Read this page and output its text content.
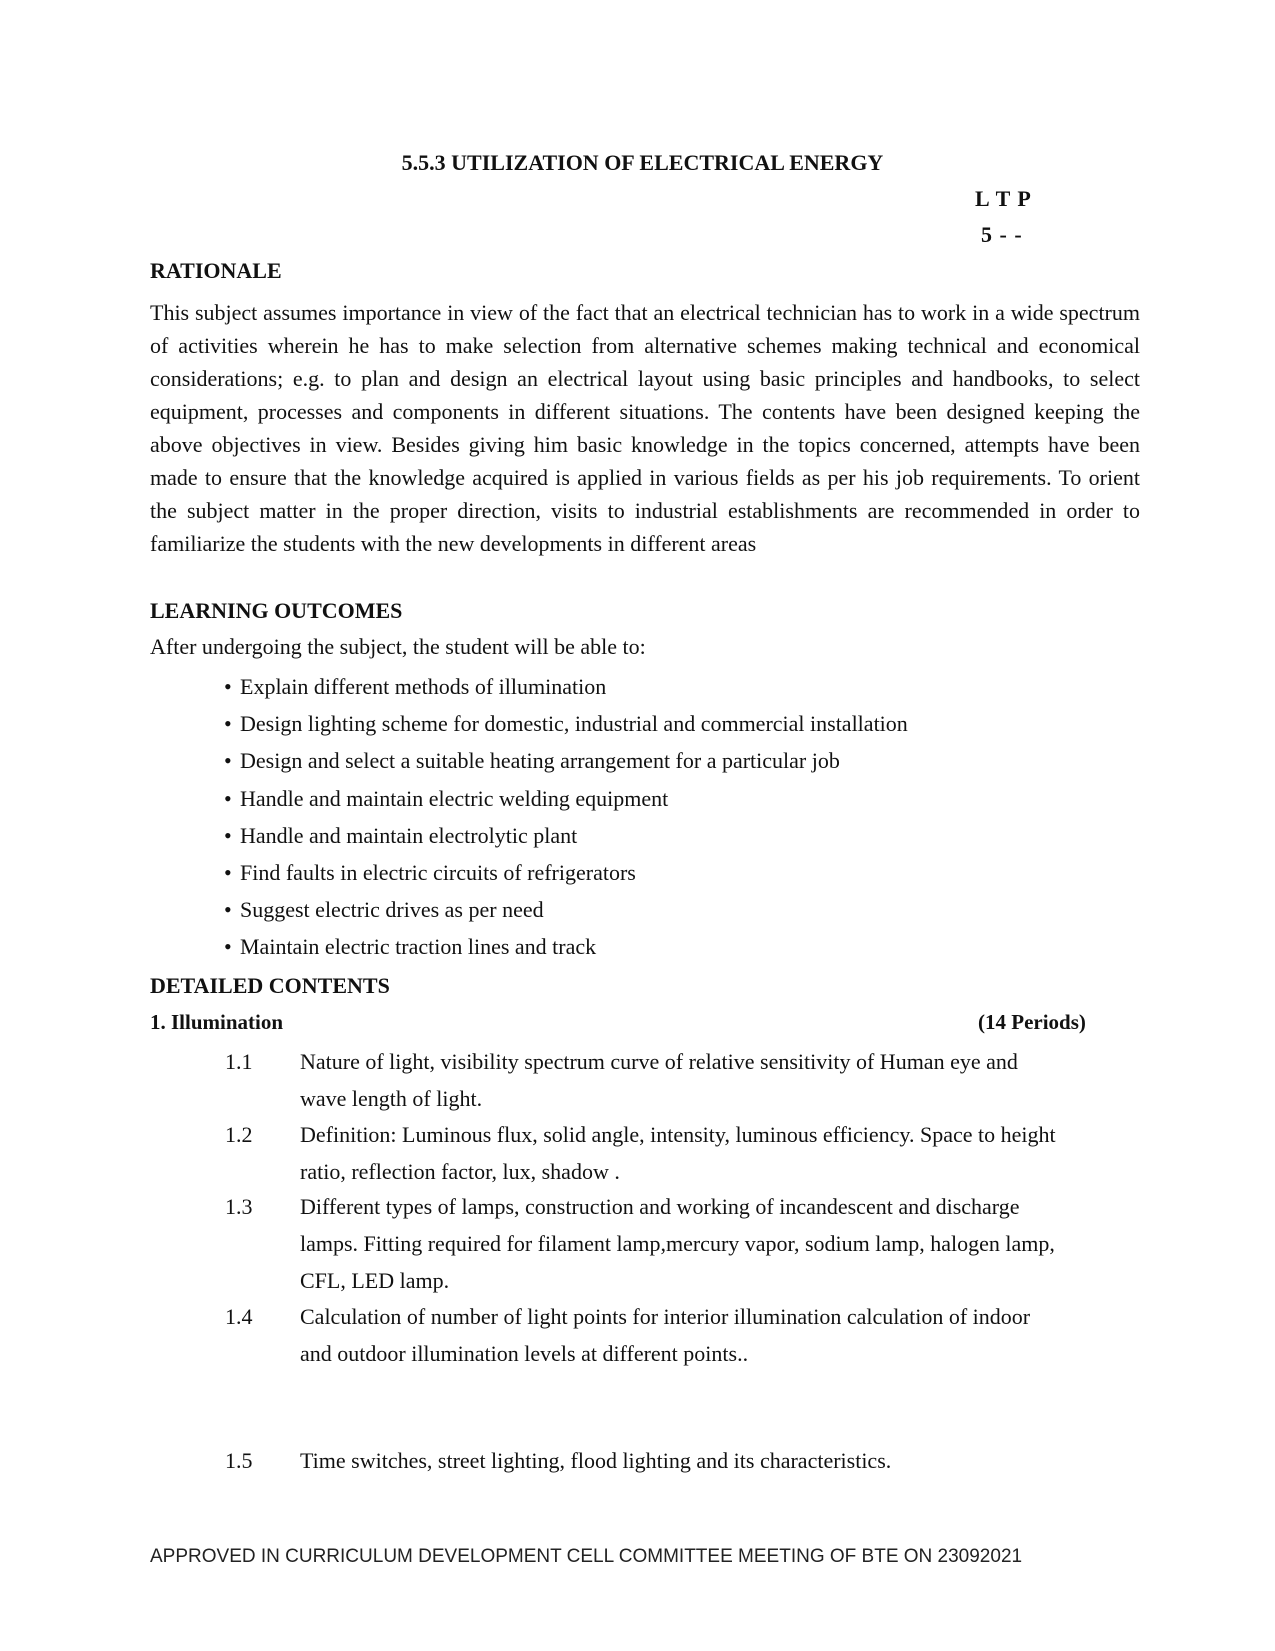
5.5.3 UTILIZATION OF ELECTRICAL ENERGY
L T P
5 - -
RATIONALE
This subject assumes importance in view of the fact that an electrical technician has to work in a wide spectrum of activities wherein he has to make selection from alternative schemes making technical and economical considerations; e.g. to plan and design an electrical layout using basic principles and handbooks, to select equipment, processes and components in different situations. The contents have been designed keeping the above objectives in view. Besides giving him basic knowledge in the topics concerned, attempts have been made to ensure that the knowledge acquired is applied in various fields as per his job requirements. To orient the subject matter in the proper direction, visits to industrial establishments are recommended in order to familiarize the students with the new developments in different areas
LEARNING OUTCOMES
After undergoing the subject, the student will be able to:
• Explain different methods of illumination
• Design lighting scheme for domestic, industrial and commercial installation
• Design and select a suitable heating arrangement for a particular job
• Handle and maintain electric welding equipment
• Handle and maintain electrolytic plant
• Find faults in electric circuits of refrigerators
• Suggest electric drives as per need
• Maintain electric traction lines and track
DETAILED CONTENTS
1. Illumination	(14 Periods)
1.1	Nature of light, visibility spectrum curve of relative sensitivity of Human eye and wave length of light.
1.2	Definition: Luminous flux, solid angle, intensity, luminous efficiency. Space to height ratio, reflection factor, lux, shadow .
1.3	Different types of lamps, construction and working of incandescent and discharge lamps. Fitting required for filament lamp,mercury vapor, sodium lamp, halogen lamp, CFL, LED lamp.
1.4	Calculation of number of light points for interior illumination calculation of indoor and outdoor illumination levels at different points..
1.5	Time switches, street lighting, flood lighting and its characteristics.
APPROVED IN CURRICULUM DEVELOPMENT CELL COMMITTEE MEETING OF BTE ON 23092021
